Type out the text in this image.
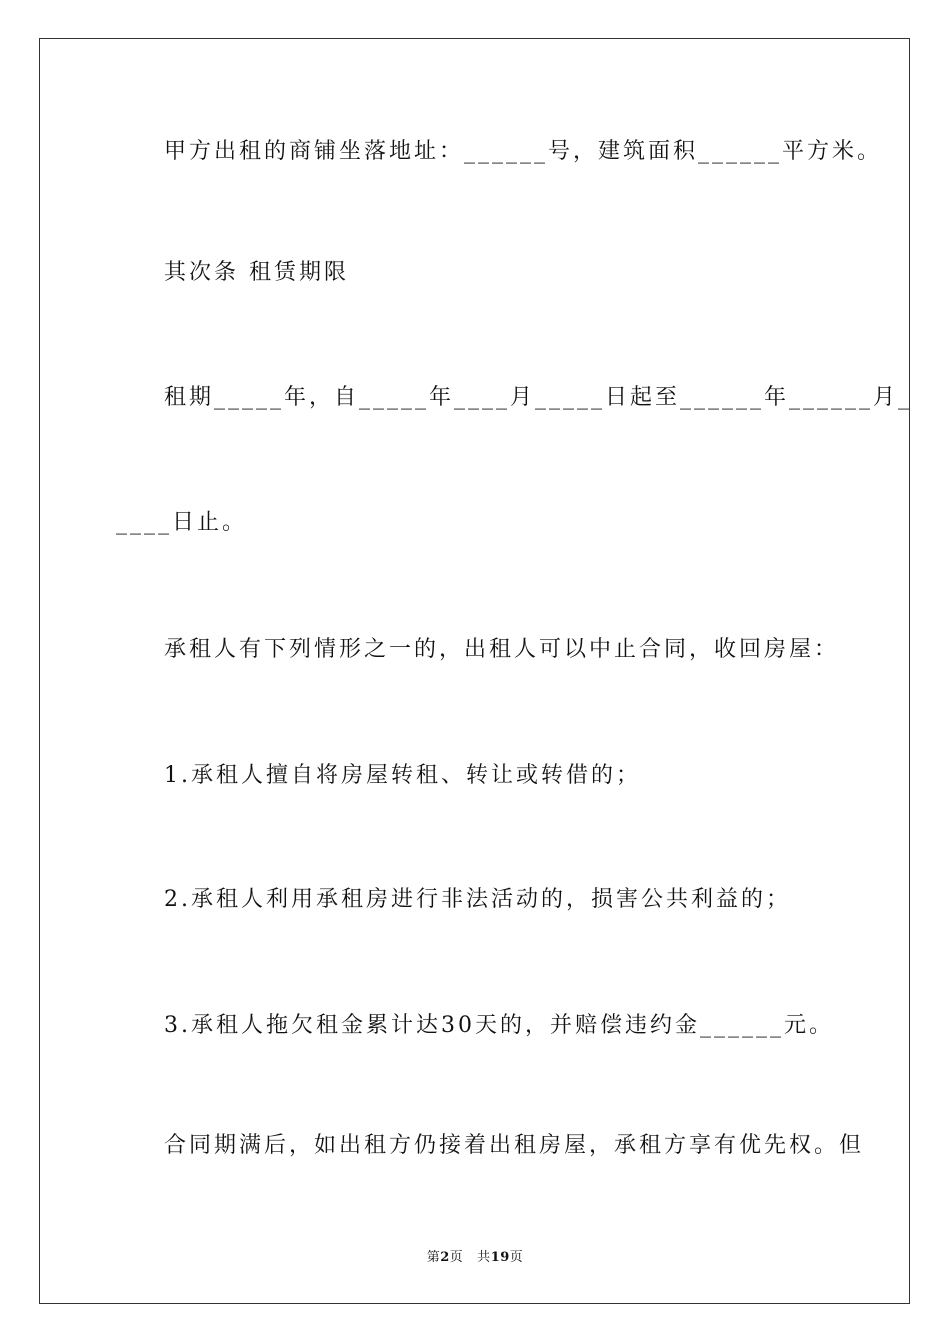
甲方出租的商铺坐落地址：______号，建筑面积______平方米。
其次条 租赁期限
租期_____年，自_____年____月_____日起至______年______月_
____日止。
承租人有下列情形之一的，出租人可以中止合同，收回房屋：
1.承租人擅自将房屋转租、转让或转借的；
2.承租人利用承租房进行非法活动的，损害公共利益的；
3.承租人拖欠租金累计达30天的，并赔偿违约金______元。
合同期满后，如出租方仍接着出租房屋，承租方享有优先权。但
第2页 共19页
